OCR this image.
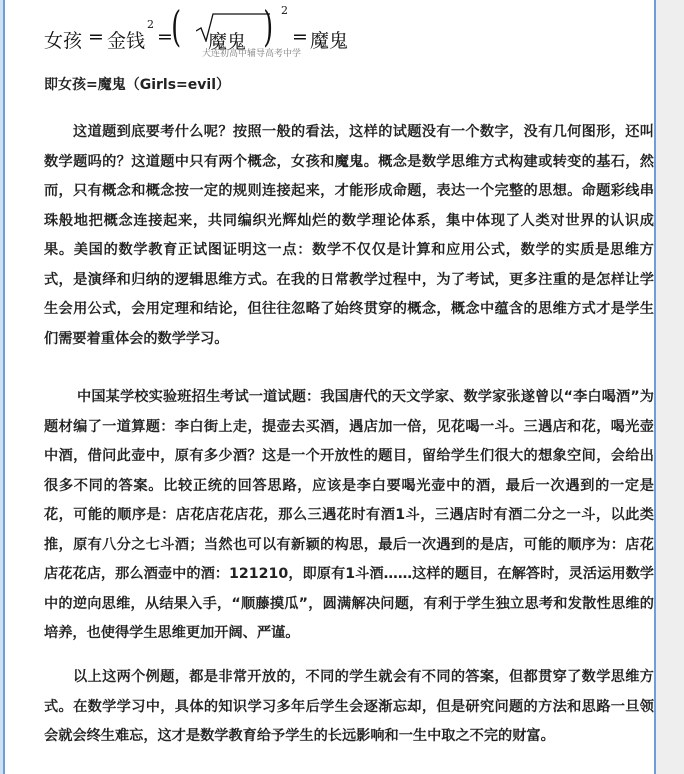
女孩 = 金钱
2
=
( 魔鬼 ) 2
= 魔鬼
大连初高中辅导高考中学
即女孩=魔鬼（Girls=evil）
这道题到底要考什么呢？按照一般的看法，这样的试题没有一个数字，没有几何图形，还叫数学题吗的？这道题中只有两个概念，女孩和魔鬼。概念是数学思维方式构建或转变的基石，然而，只有概念和概念按一定的规则连接起来，才能形成命题，表达一个完整的思想。命题彩线串珠般地把概念连接起来，共同编织光辉灿烂的数学理论体系，集中体现了人类对世界的认识成果。美国的数学教育正试图证明这一点：数学不仅仅是计算和应用公式，数学的实质是思维方式，是演绎和归纳的逻辑思维方式。在我的日常教学过程中，为了考试，更多注重的是怎样让学生会用公式，会用定理和结论，但往往忽略了始终贯穿的概念，概念中蕴含的思维方式才是学生们需要着重体会的数学学习。
中国某学校实验班招生考试一道试题：我国唐代的天文学家、数学家张遂曾以“李白喝酒”为题材编了一道算题：李白街上走，提壶去买酒，遇店加一倍，见花喝一斗。三遇店和花，喝光壶中酒，借问此壶中，原有多少酒？这是一个开放性的题目，留给学生们很大的想象空间，会给出很多不同的答案。比较正统的回答思路，应该是李白要喝光壶中的酒，最后一次遇到的一定是花，可能的顺序是：店花店花店花，那么三遇花时有酒1斗，三遇店时有酒二分之一斗，以此类推，原有八分之七斗酒；当然也可以有新颖的构思，最后一次遇到的是店，可能的顺序为：店花店花花店，那么酒壶中的酒：121210，即原有1斗酒……这样的题目，在解答时，灵活运用数学中的逆向思维，从结果入手，“顺藤摸瓜”，圆满解决问题，有利于学生独立思考和发散性思维的培养，也使得学生思维更加开阔、严谨。
以上这两个例题，都是非常开放的，不同的学生就会有不同的答案，但都贯穿了数学思维方式。在数学学习中，具体的知识学习多年后学生会逐渐忘却，但是研究问题的方法和思路一旦领会就会终生难忘，这才是数学教育给予学生的长远影响和一生中取之不完的财富。
